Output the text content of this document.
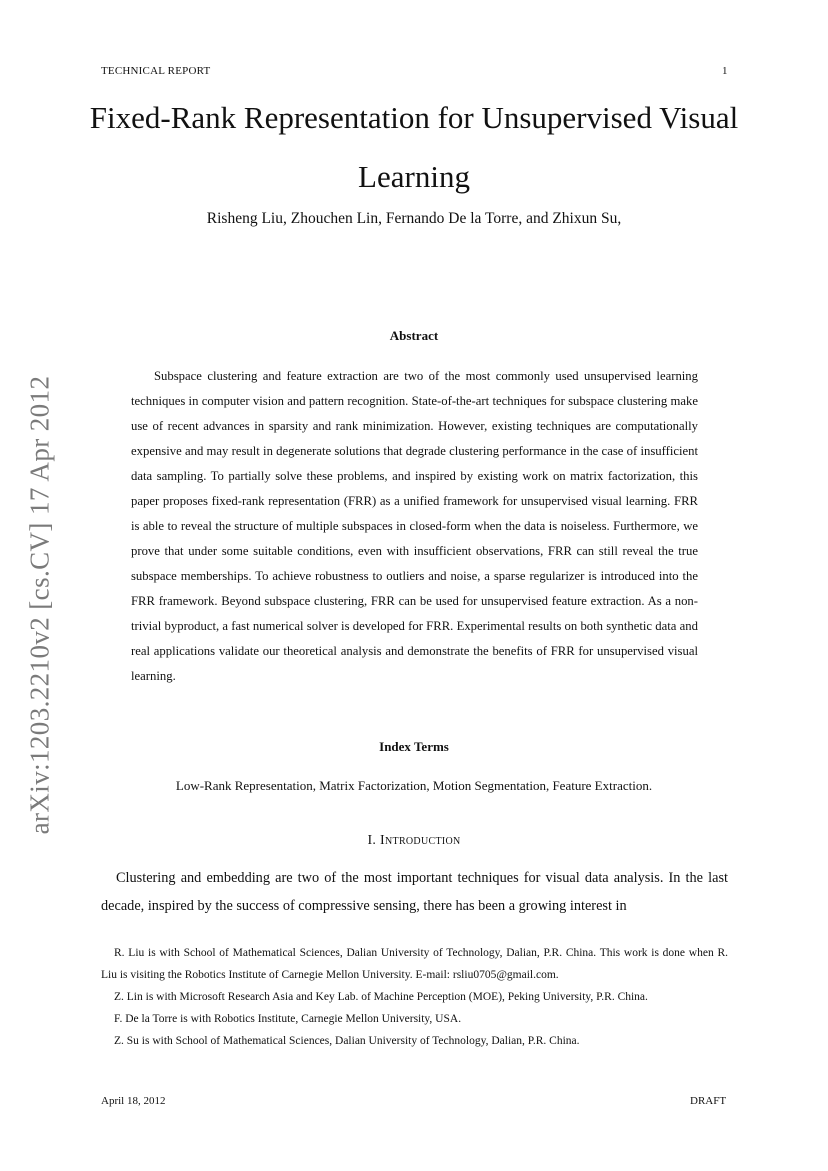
TECHNICAL REPORT	1
Fixed-Rank Representation for Unsupervised Visual Learning
Risheng Liu, Zhouchen Lin, Fernando De la Torre, and Zhixun Su,
Abstract

Subspace clustering and feature extraction are two of the most commonly used unsupervised learning techniques in computer vision and pattern recognition. State-of-the-art techniques for subspace clustering make use of recent advances in sparsity and rank minimization. However, existing techniques are computationally expensive and may result in degenerate solutions that degrade clustering performance in the case of insufficient data sampling. To partially solve these problems, and inspired by existing work on matrix factorization, this paper proposes fixed-rank representation (FRR) as a unified framework for unsupervised visual learning. FRR is able to reveal the structure of multiple subspaces in closed-form when the data is noiseless. Furthermore, we prove that under some suitable conditions, even with insufficient observations, FRR can still reveal the true subspace memberships. To achieve robustness to outliers and noise, a sparse regularizer is introduced into the FRR framework. Beyond subspace clustering, FRR can be used for unsupervised feature extraction. As a non-trivial byproduct, a fast numerical solver is developed for FRR. Experimental results on both synthetic data and real applications validate our theoretical analysis and demonstrate the benefits of FRR for unsupervised visual learning.

Index Terms
Low-Rank Representation, Matrix Factorization, Motion Segmentation, Feature Extraction.
I. Introduction

Clustering and embedding are two of the most important techniques for visual data analysis. In the last decade, inspired by the success of compressive sensing, there has been a growing interest in

R. Liu is with School of Mathematical Sciences, Dalian University of Technology, Dalian, P.R. China. This work is done when R. Liu is visiting the Robotics Institute of Carnegie Mellon University. E-mail: rsliu0705@gmail.com.

Z. Lin is with Microsoft Research Asia and Key Lab. of Machine Perception (MOE), Peking University, P.R. China.

F. De la Torre is with Robotics Institute, Carnegie Mellon University, USA.

Z. Su is with School of Mathematical Sciences, Dalian University of Technology, Dalian, P.R. China.

April 18, 2012	DRAFT
arXiv:1203.2210v2 [cs.CV] 17 Apr 2012
